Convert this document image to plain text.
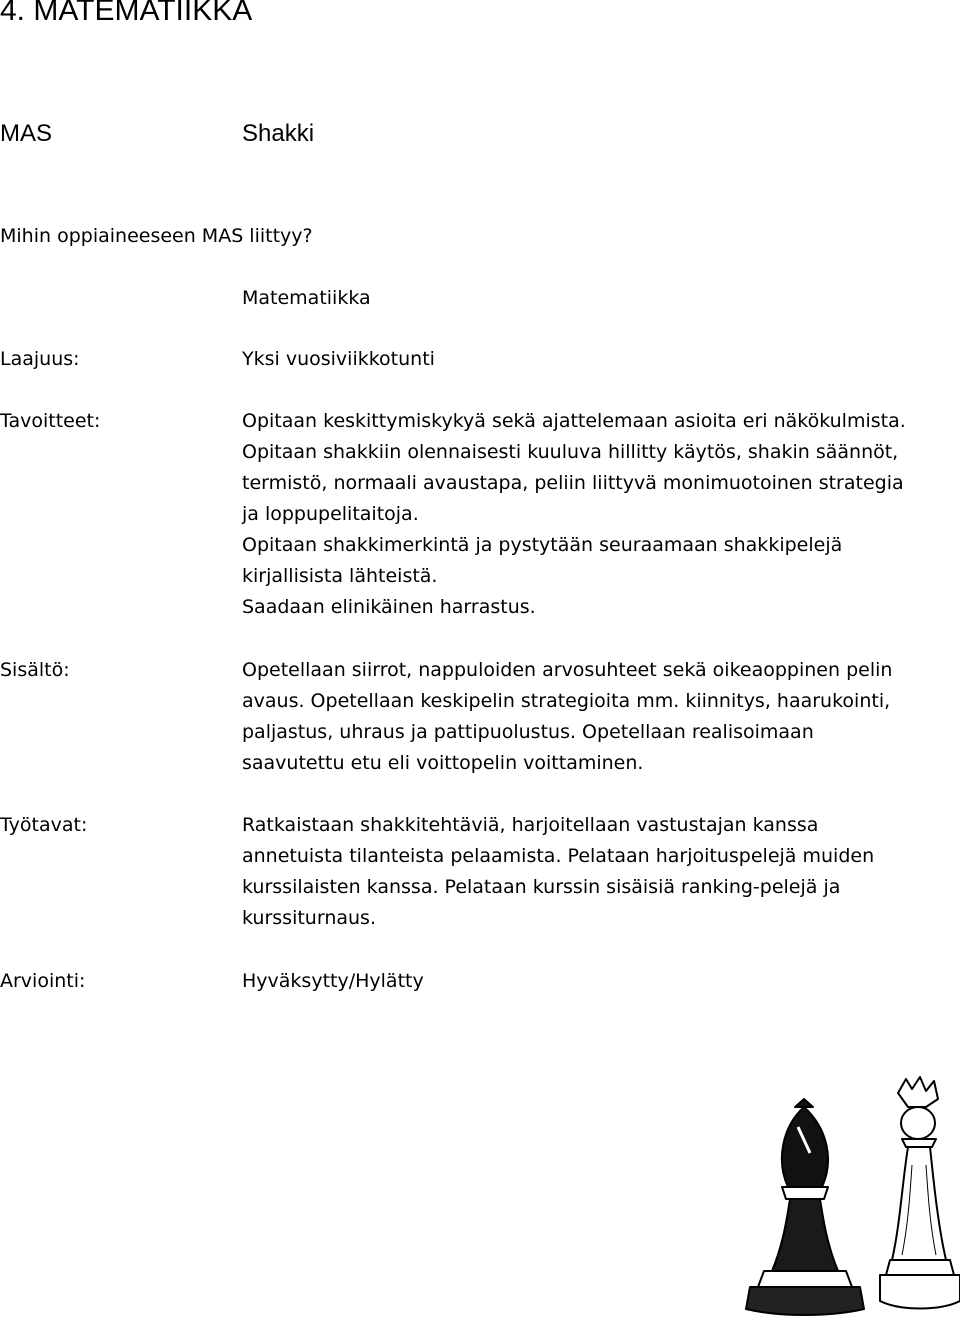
4. MATEMATIIKKA
MAS	Shakki
Mihin oppiaineeseen MAS liittyy?
Matematiikka
Laajuus:	Yksi vuosiviikkotunti
Tavoitteet:	Opitaan keskittymiskykyä sekä ajattelemaan asioita eri näkökulmista.
Opitaan shakkiin olennaisesti kuuluva hillitty käytös, shakin säännöt,
termistö, normaali avaustapa, peliin liittyvä monimuotoinen strategia
ja loppupelitaitoja.
Opitaan shakkimerkintä ja pystytään seuraamaan shakkipelejä
kirjallisista lähteistä.
Saadaan elinikäinen harrastus.
Sisältö:	Opetellaan siirrot, nappuloiden arvosuhteet sekä oikeaoppinen pelin
avaus. Opetellaan keskipelin strategioita mm. kiinnitys, haarukointi,
paljastus, uhraus ja pattipuolustus. Opetellaan realisoimaan
saavutettu etu eli voittopelin voittaminen.
Työtavat:	Ratkaistaan shakkitehtäviä, harjoitellaan vastustajan kanssa
annetuista tilanteista pelaamista. Pelataan harjoituspelejä muiden
kurssilaisten kanssa. Pelataan kurssin sisäisiä ranking-pelejä ja
kurssiturnaus.
Arviointi:	Hyväksytty/Hylätty
